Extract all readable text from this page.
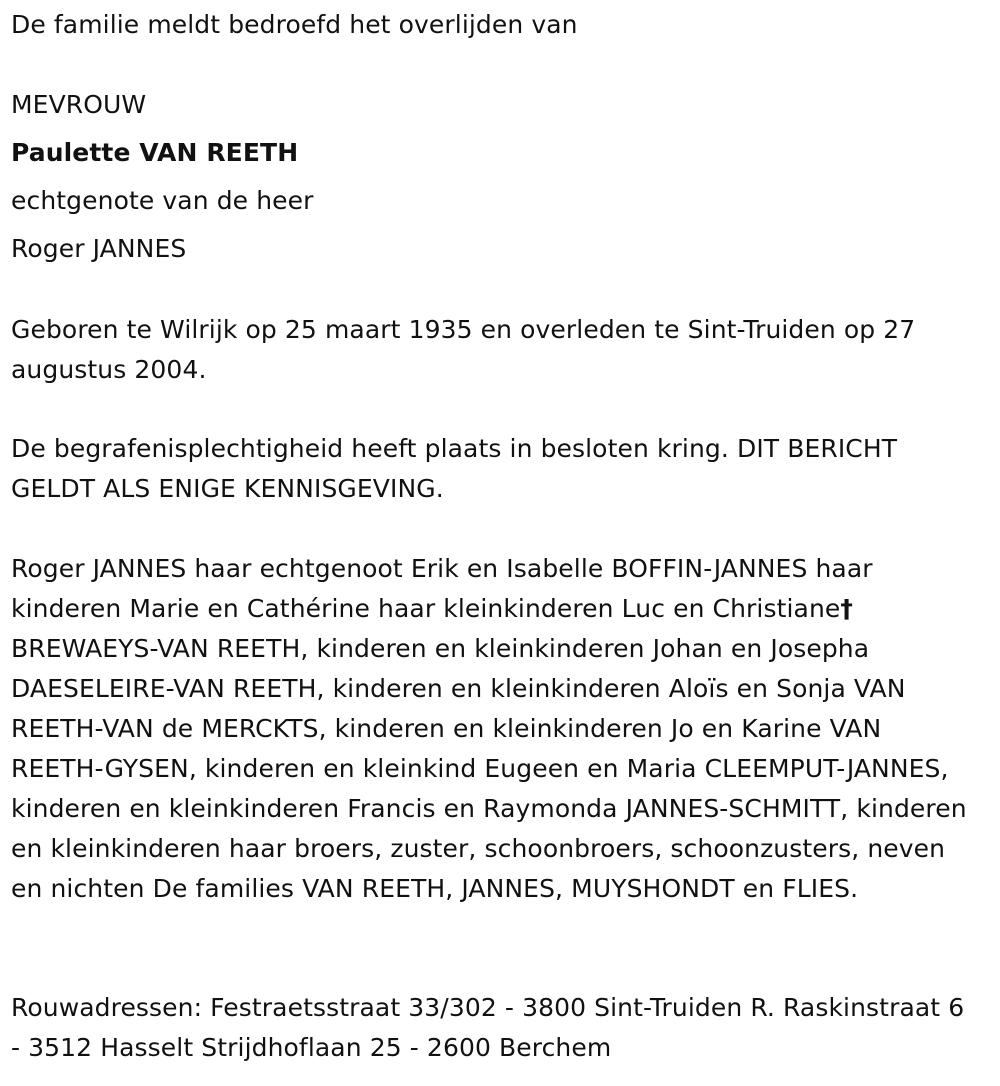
De familie meldt bedroefd het overlijden van
MEVROUW
Paulette VAN REETH
echtgenote van de heer
Roger JANNES
Geboren te Wilrijk op 25 maart 1935 en overleden te Sint-Truiden op 27 augustus 2004.
De begrafenisplechtigheid heeft plaats in besloten kring. DIT BERICHT GELDT ALS ENIGE KENNISGEVING.
Roger JANNES haar echtgenoot Erik en Isabelle BOFFIN-JANNES haar kinderen Marie en Cathérine haar kleinkinderen Luc en Christiane† BREWAEYS-VAN REETH, kinderen en kleinkinderen Johan en Josepha DAESELEIRE-VAN REETH, kinderen en kleinkinderen Aloïs en Sonja VAN REETH-VAN de MERCKTS, kinderen en kleinkinderen Jo en Karine VAN REETH-GYSEN, kinderen en kleinkind Eugeen en Maria CLEEMPUT-JANNES, kinderen en kleinkinderen Francis en Raymonda JANNES-SCHMITT, kinderen en kleinkinderen haar broers, zuster, schoonbroers, schoonzusters, neven en nichten De families VAN REETH, JANNES, MUYSHONDT en FLIES.
Rouwadressen: Festraetsstraat 33/302 - 3800 Sint-Truiden R. Raskinstraat 6 - 3512 Hasselt Strijdhoflaan 25 - 2600 Berchem
